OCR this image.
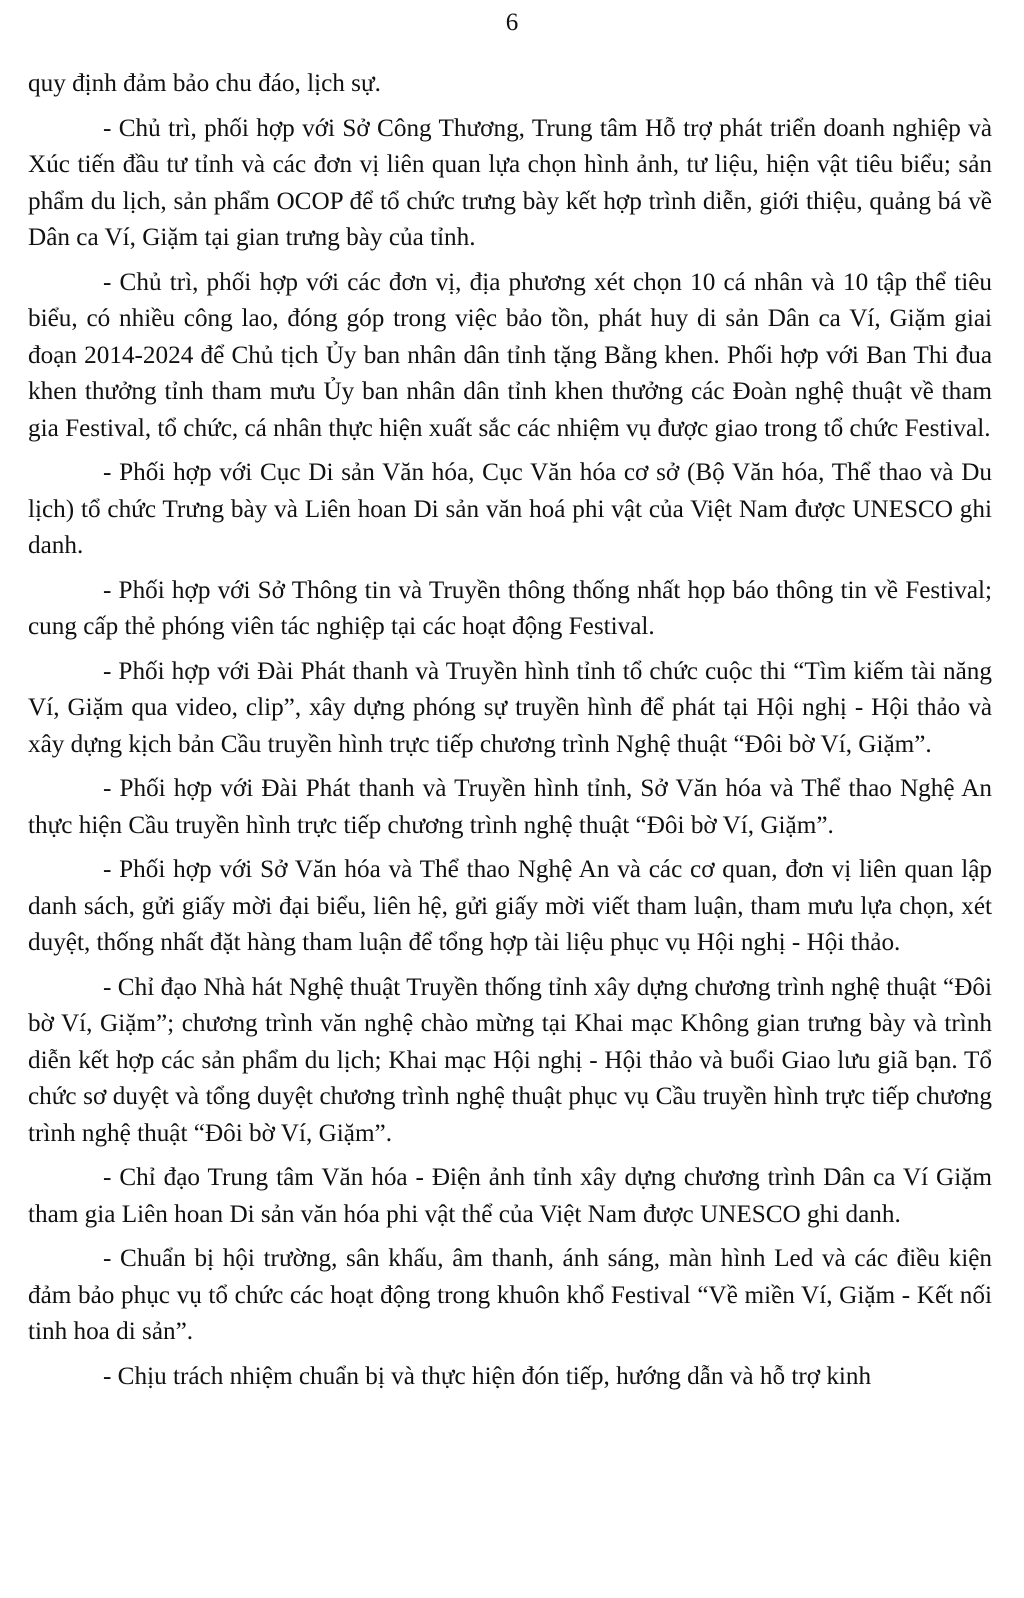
6

quy định đảm bảo chu đáo, lịch sự.

- Chủ trì, phối hợp với Sở Công Thương, Trung tâm Hỗ trợ phát triển doanh nghiệp và Xúc tiến đầu tư tỉnh và các đơn vị liên quan lựa chọn hình ảnh, tư liệu, hiện vật tiêu biểu; sản phẩm du lịch, sản phẩm OCOP để tổ chức trưng bày kết hợp trình diễn, giới thiệu, quảng bá về Dân ca Ví, Giặm tại gian trưng bày của tỉnh.

- Chủ trì, phối hợp với các đơn vị, địa phương xét chọn 10 cá nhân và 10 tập thể tiêu biểu, có nhiều công lao, đóng góp trong việc bảo tồn, phát huy di sản Dân ca Ví, Giặm giai đoạn 2014-2024 để Chủ tịch Ủy ban nhân dân tỉnh tặng Bằng khen. Phối hợp với Ban Thi đua khen thưởng tỉnh tham mưu Ủy ban nhân dân tỉnh khen thưởng các Đoàn nghệ thuật về tham gia Festival, tổ chức, cá nhân thực hiện xuất sắc các nhiệm vụ được giao trong tổ chức Festival.

- Phối hợp với Cục Di sản Văn hóa, Cục Văn hóa cơ sở (Bộ Văn hóa, Thể thao và Du lịch) tổ chức Trưng bày và Liên hoan Di sản văn hoá phi vật của Việt Nam được UNESCO ghi danh.

- Phối hợp với Sở Thông tin và Truyền thông thống nhất họp báo thông tin về Festival; cung cấp thẻ phóng viên tác nghiệp tại các hoạt động Festival.

- Phối hợp với Đài Phát thanh và Truyền hình tỉnh tổ chức cuộc thi “Tìm kiếm tài năng Ví, Giặm qua video, clip”, xây dựng phóng sự truyền hình để phát tại Hội nghị - Hội thảo và xây dựng kịch bản Cầu truyền hình trực tiếp chương trình Nghệ thuật “Đôi bờ Ví, Giặm”.

- Phối hợp với Đài Phát thanh và Truyền hình tỉnh, Sở Văn hóa và Thể thao Nghệ An thực hiện Cầu truyền hình trực tiếp chương trình nghệ thuật “Đôi bờ Ví, Giặm”.

- Phối hợp với Sở Văn hóa và Thể thao Nghệ An và các cơ quan, đơn vị liên quan lập danh sách, gửi giấy mời đại biểu, liên hệ, gửi giấy mời viết tham luận, tham mưu lựa chọn, xét duyệt, thống nhất đặt hàng tham luận để tổng hợp tài liệu phục vụ Hội nghị - Hội thảo.

- Chỉ đạo Nhà hát Nghệ thuật Truyền thống tỉnh xây dựng chương trình nghệ thuật “Đôi bờ Ví, Giặm”; chương trình văn nghệ chào mừng tại Khai mạc Không gian trưng bày và trình diễn kết hợp các sản phẩm du lịch; Khai mạc Hội nghị - Hội thảo và buổi Giao lưu giã bạn. Tổ chức sơ duyệt và tổng duyệt chương trình nghệ thuật phục vụ Cầu truyền hình trực tiếp chương trình nghệ thuật “Đôi bờ Ví, Giặm”.

- Chỉ đạo Trung tâm Văn hóa - Điện ảnh tỉnh xây dựng chương trình Dân ca Ví Giặm tham gia Liên hoan Di sản văn hóa phi vật thể của Việt Nam được UNESCO ghi danh.

- Chuẩn bị hội trường, sân khấu, âm thanh, ánh sáng, màn hình Led và các điều kiện đảm bảo phục vụ tổ chức các hoạt động trong khuôn khổ Festival “Về miền Ví, Giặm - Kết nối tinh hoa di sản”.

- Chịu trách nhiệm chuẩn bị và thực hiện đón tiếp, hướng dẫn và hỗ trợ kinh
